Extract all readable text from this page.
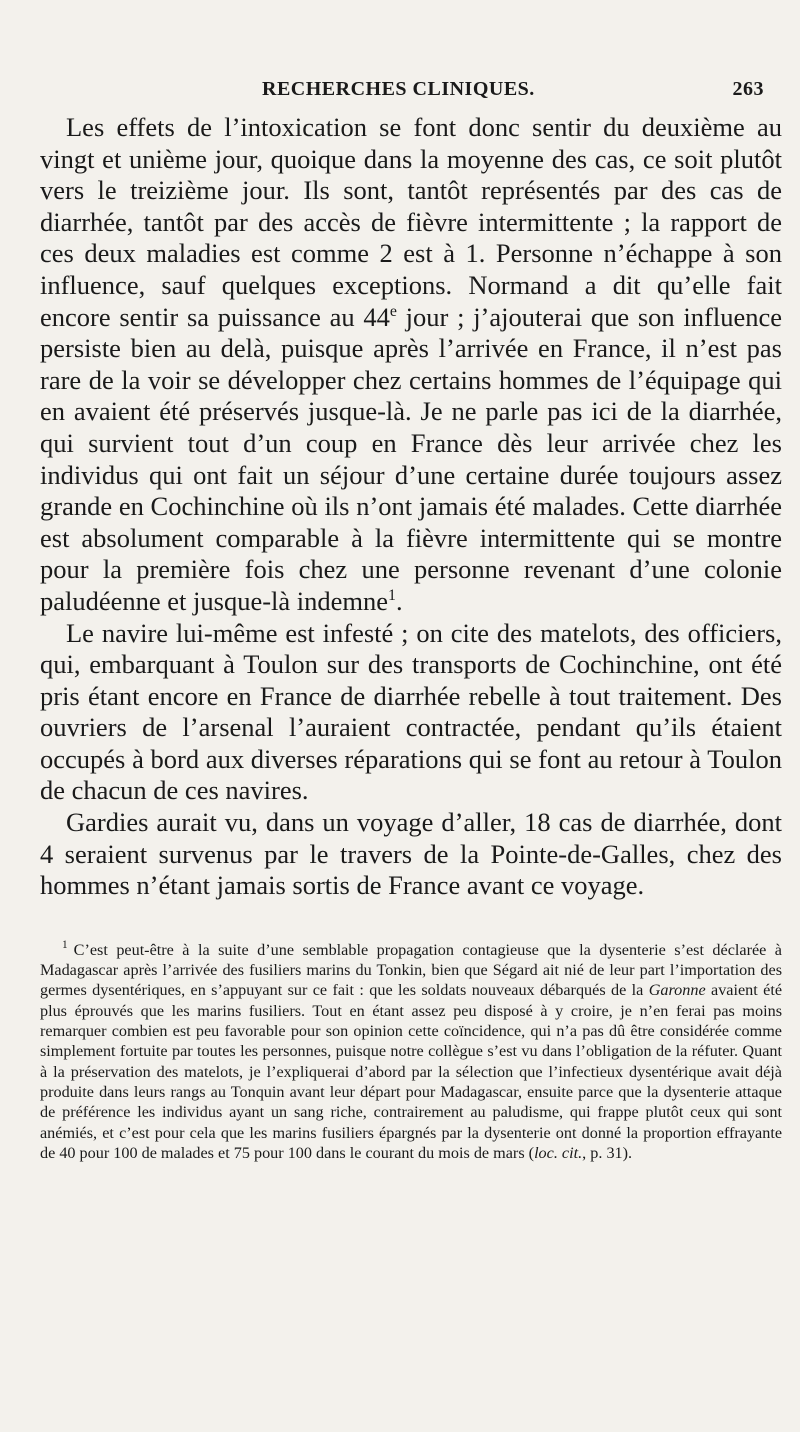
RECHERCHES CLINIQUES.	263

Les effets de l’intoxication se font donc sentir du deuxième au vingt et unième jour, quoique dans la moyenne des cas, ce soit plutôt vers le treizième jour. Ils sont, tantôt représentés par des cas de diarrhée, tantôt par des accès de fièvre intermittente ; la rapport de ces deux maladies est comme 2 est à 1. Personne n’échappe à son influence, sauf quelques exceptions. Normand a dit qu’elle fait encore sentir sa puissance au 44e jour ; j’ajouterai que son influence persiste bien au delà, puisque après l’arrivée en France, il n’est pas rare de la voir se développer chez certains hommes de l’équipage qui en avaient été préservés jusque-là. Je ne parle pas ici de la diarrhée, qui survient tout d’un coup en France dès leur arrivée chez les individus qui ont fait un séjour d’une certaine durée toujours assez grande en Cochinchine où ils n’ont jamais été malades. Cette diarrhée est absolument comparable à la fièvre intermittente qui se montre pour la première fois chez une personne revenant d’une colonie paludéenne et jusque-là indemne$^1$.

Le navire lui-même est infesté ; on cite des matelots, des officiers, qui, embarquant à Toulon sur des transports de Cochinchine, ont été pris étant encore en France de diarrhée rebelle à tout traitement. Des ouvriers de l’arsenal l’auraient contractée, pendant qu’ils étaient occupés à bord aux diverses réparations qui se font au retour à Toulon de chacun de ces navires.

Gardies aurait vu, dans un voyage d’aller, 18 cas de diarrhée, dont 4 seraient survenus par le travers de la Pointe-de-Galles, chez des hommes n’étant jamais sortis de France avant ce voyage.

$^1$ C’est peut-être à la suite d’une semblable propagation contagieuse que la dysenterie s’est déclarée à Madagascar après l’arrivée des fusiliers marins du Tonkin, bien que Ségard ait nié de leur part l’importation des germes dysentériques, en s’appuyant sur ce fait : que les soldats nouveaux débarqués de la Garonne avaient été plus éprouvés que les marins fusiliers. Tout en étant assez peu disposé à y croire, je n’en ferai pas moins remarquer combien est peu favorable pour son opinion cette coïncidence, qui n’a pas dû être considérée comme simplement fortuite par toutes les personnes, puisque notre collègue s’est vu dans l’obligation de la réfuter. Quant à la préservation des matelots, je l’expliquerai d’abord par la sélection que l’infectieux dysentérique avait déjà produite dans leurs rangs au Tonquin avant leur départ pour Madagascar, ensuite parce que la dysenterie attaque de préférence les individus ayant un sang riche, contrairement au paludisme, qui frappe plutôt ceux qui sont anémiés, et c’est pour cela que les marins fusiliers épargnés par la dysenterie ont donné la proportion effrayante de 40 pour 100 de malades et 75 pour 100 dans le courant du mois de mars (loc. cit., p. 31).
